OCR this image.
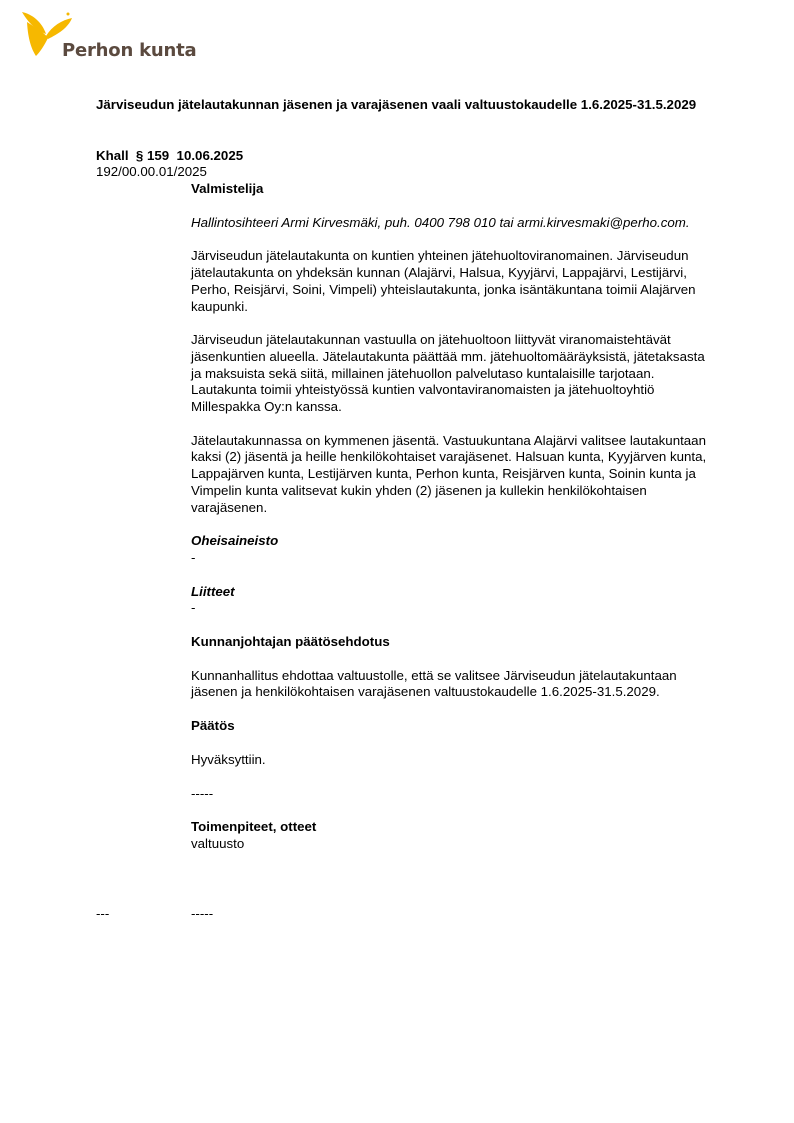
Perhon kunta
Järviseudun jätelautakunnan jäsenen ja varajäsenen vaali valtuustokaudelle 1.6.2025-31.5.2029
Khall  § 159  10.06.2025
192/00.00.01/2025

Valmistelija

Hallintosihteeri Armi Kirvesmäki, puh. 0400 798 010 tai armi.kirvesmaki@perho.com.

Järviseudun jätelautakunta on kuntien yhteinen jätehuoltoviranomainen. Järviseudun jätelautakunta on yhdeksän kunnan (Alajärvi, Halsua, Kyyjärvi, Lappajärvi, Lestijärvi, Perho, Reisjärvi, Soini, Vimpeli) yhteislautakunta, jonka isäntäkuntana toimii Alajärven kaupunki.

Järviseudun jätelautakunnan vastuulla on jätehuoltoon liittyvät viranomaistehtävät jäsenkuntien alueella. Jätelautakunta päättää mm. jätehuoltomääräyksistä, jätetaksasta ja maksuista sekä siitä, millainen jätehuollon palvelutaso kuntalaisille tarjotaan. Lautakunta toimii yhteistyössä kuntien valvontaviranomaisten ja jätehuoltoyhtiö Millespakka Oy:n kanssa.

Jätelautakunnassa on kymmenen jäsentä. Vastuukuntana Alajärvi valitsee lautakuntaan kaksi (2) jäsentä ja heille henkilökohtaiset varajäsenet. Halsuan kunta, Kyyjärven kunta, Lappajärven kunta, Lestijärven kunta, Perhon kunta, Reisjärven kunta, Soinin kunta ja Vimpelin kunta valitsevat kukin yhden (2) jäsenen ja kullekin henkilökohtaisen varajäsenen.

Oheisaineisto

-

Liitteet

-

Kunnanjohtajan päätösehdotus

Kunnanhallitus ehdottaa valtuustolle, että se valitsee Järviseudun jätelautakuntaan jäsenen ja henkilökohtaisen varajäsenen valtuustokaudelle 1.6.2025-31.5.2029.

Päätös

Hyväksyttiin.

-----

Toimenpiteet, otteet

valtuusto

---	-----
